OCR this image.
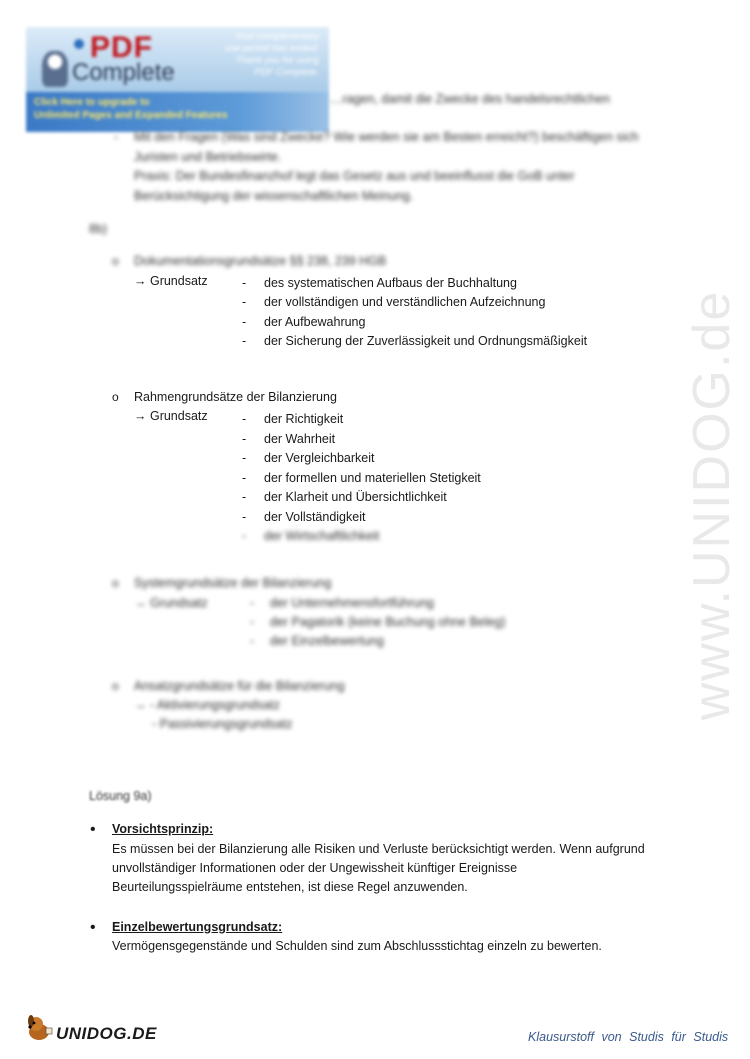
PDF
Complete
Your complimentary
use period has ended.
Thank you for using
PDF Complete.
Click Here to upgrade to
Unlimited Pages and Expanded Features
www.UNIDOG.de
…ragen, damit die Zwecke des handelsrechtlichen
- Mit den Fragen (Was sind Zwecke? Wie werden sie am Besten erreicht?) beschäftigen sich
Juristen und Betriebswirte.
Praxis: Der Bundesfinanzhof legt das Gesetz aus und beeinflusst die GoB unter
Berücksichtigung der wissenschaftlichen Meinung.
8b)
o Dokumentationsgrundsätze §§ 238, 239 HGB
→ Grundsatz	- des systematischen Aufbaus der Buchhaltung
- der vollständigen und verständlichen Aufzeichnung
- der Aufbewahrung
- der Sicherung der Zuverlässigkeit und Ordnungsmäßigkeit
o Rahmengrundsätze der Bilanzierung
→ Grundsatz	- der Richtigkeit
- der Wahrheit
- der Vergleichbarkeit
- der formellen und materiellen Stetigkeit
- der Klarheit und Übersichtlichkeit
- der Vollständigkeit
- der Wirtschaftlichkeit
o Systemgrundsätze der Bilanzierung
→ Grundsatz	- der Unternehmensfortführung
- der Pagatorik (keine Buchung ohne Beleg)
- der Einzelbewertung
o Ansatzgrundsätze für die Bilanzierung
→ - Aktivierungsgrundsatz
- Passivierungsgrundsatz
Lösung 9a)
• Vorsichtsprinzip:
Es müssen bei der Bilanzierung alle Risiken und Verluste berücksichtigt werden. Wenn aufgrund
unvollständiger Informationen oder der Ungewissheit künftiger Ereignisse
Beurteilungsspielräume entstehen, ist diese Regel anzuwenden.
• Einzelbewertungsgrundsatz:
Vermögensgegenstände und Schulden sind zum Abschlussstichtag einzeln zu bewerten.
UNIDOG.DE	Klausurstoff von Studis für Studis
